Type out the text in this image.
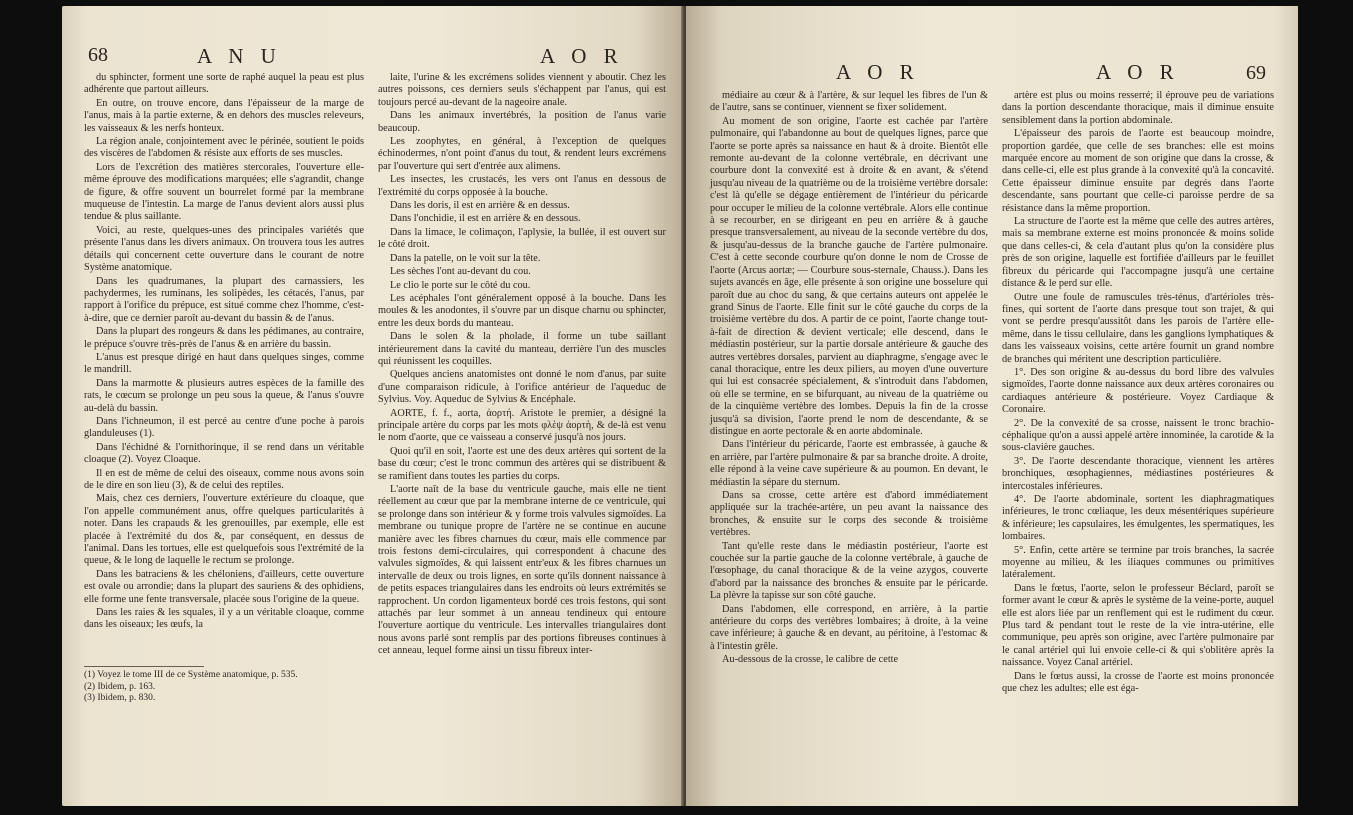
68	A N U	A O R

du sphincter, forment une sorte de raphé auquel la peau est plus adhérente que partout ailleurs.

En outre, on trouve encore, dans l'épaisseur de la marge de l'anus, mais à la partie externe, & en dehors des muscles releveurs, les vaisseaux & les nerfs honteux.

La région anale, conjointement avec le périnée, soutient le poids des viscères de l'abdomen & résiste aux efforts de ses muscles.

Lors de l'excrétion des matières stercorales, l'ouverture elle-même éprouve des modifications marquées; elle s'agrandit, change de figure, & offre souvent un bourrelet formé par la membrane muqueuse de l'intestin. La marge de l'anus devient alors aussi plus tendue & plus saillante.

Voici, au reste, quelques-unes des principales variétés que présente l'anus dans les divers animaux. On trouvera tous les autres détails qui concernent cette ouverture dans le courant de notre Système anatomique.

Dans les quadrumanes, la plupart des carnassiers, les pachydermes, les ruminans, les solipèdes, les cétacés, l'anus, par rapport à l'orifice du prépuce, est situé comme chez l'homme, c'est-à-dire, que ce dernier paroît au-devant du bassin & de l'anus.

Dans la plupart des rongeurs & dans les pédimanes, au contraire, le prépuce s'ouvre très-près de l'anus & en arrière du bassin.

L'anus est presque dirigé en haut dans quelques singes, comme le mandrill.

Dans la marmotte & plusieurs autres espèces de la famille des rats, le cœcum se prolonge un peu sous la queue, & l'anus s'ouvre au-delà du bassin.

Dans l'ichneumon, il est percé au centre d'une poche à parois glanduleuses (1).

Dans l'échidné & l'ornithorinque, il se rend dans un véritable cloaque (2). Voyez Cloaque.

Il en est de même de celui des oiseaux, comme nous avons soin de le dire en son lieu (3), & de celui des reptiles.

Mais, chez ces derniers, l'ouverture extérieure du cloaque, que l'on appelle communément anus, offre quelques particularités à noter. Dans les crapauds & les grenouilles, par exemple, elle est placée à l'extrémité du dos &, par conséquent, en dessus de l'animal. Dans les tortues, elle est quelquefois sous l'extrémité de la queue, & le long de laquelle le rectum se prolonge.

Dans les batraciens & les chéloniens, d'ailleurs, cette ouverture est ovale ou arrondie; dans la plupart des sauriens & des ophidiens, elle forme une fente transversale, placée sous l'origine de la queue.

Dans les raies & les squales, il y a un véritable cloaque, comme dans les oiseaux; les œufs, la

(1) Voyez le tome III de ce Système anatomique, p. 535.

(2) Ibidem, p. 163.

(3) Ibidem, p. 830.

laite, l'urine & les excrémens solides viennent y aboutir. Chez les autres poissons, ces derniers seuls s'échappent par l'anus, qui est toujours percé au-devant de la nageoire anale.

Dans les animaux invertébrés, la position de l'anus varie beaucoup.

Les zoophytes, en général, à l'exception de quelques échinodermes, n'ont point d'anus du tout, & rendent leurs excrémens par l'ouverture qui sert d'entrée aux alimens.

Les insectes, les crustacés, les vers ont l'anus en dessous de l'extrémité du corps opposée à la bouche.

Dans les doris, il est en arrière & en dessus.

Dans l'onchidie, il est en arrière & en dessous.

Dans la limace, le colimaçon, l'aplysie, la bullée, il est ouvert sur le côté droit.

Dans la patelle, on le voit sur la tête.

Les sèches l'ont au-devant du cou.

Le clio le porte sur le côté du cou.

Les acéphales l'ont généralement opposé à la bouche. Dans les moules & les anodontes, il s'ouvre par un disque charnu ou sphincter, entre les deux bords du manteau.

Dans le solen & la pholade, il forme un tube saillant intérieurement dans la cavité du manteau, derrière l'un des muscles qui réunissent les coquilles.

Quelques anciens anatomistes ont donné le nom d'anus, par suite d'une comparaison ridicule, à l'orifice antérieur de l'aqueduc de Sylvius. Voy. Aqueduc de Sylvius & Encéphale.

AORTE, f. f., aorta, ἀορτή. Aristote le premier, a désigné la principale artère du corps par les mots φλὲψ ἀορτὴ, & de-là est venu le nom d'aorte, que ce vaisseau a conservé jusqu'à nos jours.

Quoi qu'il en soit, l'aorte est une des deux artères qui sortent de la base du cœur; c'est le tronc commun des artères qui se distribuent & se ramifient dans toutes les parties du corps.

L'aorte naît de la base du ventricule gauche, mais elle ne tient réellement au cœur que par la membrane interne de ce ventricule, qui se prolonge dans son intérieur & y forme trois valvules sigmoïdes. La membrane ou tunique propre de l'artère ne se continue en aucune manière avec les fibres charnues du cœur, mais elle commence par trois festons demi-circulaires, qui correspondent à chacune des valvules sigmoïdes, & qui laissent entr'eux & les fibres charnues un intervalle de deux ou trois lignes, en sorte qu'ils donnent naissance à de petits espaces triangulaires dans les endroits où leurs extrémités se rapprochent. Un cordon ligamenteux bordé ces trois festons, qui sont attachés par leur sommet à un anneau tendineux qui entoure l'ouverture aortique du ventricule. Les intervalles triangulaires dont nous avons parlé sont remplis par des portions fibreuses continues à cet anneau, lequel forme ainsi un tissu fibreux inter-

A O R	A O R	69

médiaire au cœur & à l'artère, & sur lequel les fibres de l'un & de l'autre, sans se continuer, viennent se fixer solidement.

Au moment de son origine, l'aorte est cachée par l'artère pulmonaire, qui l'abandonne au bout de quelques lignes, parce que l'aorte se porte après sa naissance en haut & à droite. Bientôt elle remonte au-devant de la colonne vertébrale, en décrivant une courbure dont la convexité est à droite & en avant, & s'étend jusqu'au niveau de la quatrième ou de la troisième vertèbre dorsale: c'est là qu'elle se dégage entièrement de l'intérieur du péricarde pour occuper le milieu de la colonne vertébrale. Alors elle continue à se recourber, en se dirigeant en peu en arrière & à gauche presque transversalement, au niveau de la seconde vertèbre du dos, & jusqu'au-dessus de la branche gauche de l'artère pulmonaire. C'est à cette seconde courbure qu'on donne le nom de Crosse de l'aorte (Arcus aortæ; — Courbure sous-sternale, Chauss.). Dans les sujets avancés en âge, elle présente à son origine une bosselure qui paroît due au choc du sang, & que certains auteurs ont appelée le grand Sinus de l'aorte. Elle finit sur le côté gauche du corps de la troisième vertèbre du dos. A partir de ce point, l'aorte change tout-à-fait de direction & devient verticale; elle descend, dans le médiastin postérieur, sur la partie dorsale antérieure & gauche des autres vertèbres dorsales, parvient au diaphragme, s'engage avec le canal thoracique, entre les deux piliers, au moyen d'une ouverture qui lui est consacrée spécialement, & s'introduit dans l'abdomen, où elle se termine, en se bifurquant, au niveau de la quatrième ou de la cinquième vertèbre des lombes. Depuis la fin de la crosse jusqu'à sa division, l'aorte prend le nom de descendante, & se distingue en aorte pectorale & en aorte abdominale.

Dans l'intérieur du péricarde, l'aorte est embrassée, à gauche & en arrière, par l'artère pulmonaire & par sa branche droite. A droite, elle répond à la veine cave supérieure & au poumon. En devant, le médiastin la sépare du sternum.

Dans sa crosse, cette artère est d'abord immédiatement appliquée sur la trachée-artère, un peu avant la naissance des bronches, & ensuite sur le corps des seconde & troisième vertèbres.

Tant qu'elle reste dans le médiastin postérieur, l'aorte est couchée sur la partie gauche de la colonne vertébrale, à gauche de l'œsophage, du canal thoracique & de la veine azygos, couverte d'abord par la naissance des bronches & ensuite par le péricarde. La plèvre la tapisse sur son côté gauche.

Dans l'abdomen, elle correspond, en arrière, à la partie antérieure du corps des vertèbres lombaires; à droite, à la veine cave inférieure; à gauche & en devant, au péritoine, à l'estomac & à l'intestin grêle.

Au-dessous de la crosse, le calibre de cette

artère est plus ou moins resserré; il éprouve peu de variations dans la portion descendante thoracique, mais il diminue ensuite sensiblement dans la portion abdominale.

L'épaisseur des parois de l'aorte est beaucoup moindre, proportion gardée, que celle de ses branches: elle est moins marquée encore au moment de son origine que dans la crosse, & dans celle-ci, elle est plus grande à la convexité qu'à la concavité. Cette épaisseur diminue ensuite par degrés dans l'aorte descendante, sans pourtant que celle-ci paroisse perdre de sa résistance dans la même proportion.

La structure de l'aorte est la même que celle des autres artères, mais sa membrane externe est moins prononcée & moins solide que dans celles-ci, & cela d'autant plus qu'on la considère plus près de son origine, laquelle est fortifiée d'ailleurs par le feuillet fibreux du péricarde qui l'accompagne jusqu'à une certaine distance & le perd sur elle.

Outre une foule de ramuscules très-ténus, d'artérioles très-fines, qui sortent de l'aorte dans presque tout son trajet, & qui vont se perdre presqu'aussitôt dans les parois de l'artère elle-même, dans le tissu cellulaire, dans les ganglions lymphatiques & dans les vaisseaux voisins, cette artère fournit un grand nombre de branches qui méritent une description particulière.

1°. Des son origine & au-dessus du bord libre des valvules sigmoïdes, l'aorte donne naissance aux deux artères coronaires ou cardiaques antérieure & postérieure. Voyez Cardiaque & Coronaire.

2°. De la convexité de sa crosse, naissent le tronc brachio-céphalique qu'on a aussi appelé artère innominée, la carotide & la sous-clavière gauches.

3°. De l'aorte descendante thoracique, viennent les artères bronchiques, œsophagiennes, médiastines postérieures & intercostales inférieures.

4°. De l'aorte abdominale, sortent les diaphragmatiques inférieures, le tronc cœliaque, les deux mésentériques supérieure & inférieure; les capsulaires, les émulgentes, les spermatiques, les lombaires.

5°. Enfin, cette artère se termine par trois branches, la sacrée moyenne au milieu, & les iliaques communes ou primitives latéralement.

Dans le fœtus, l'aorte, selon le professeur Béclard, paroît se former avant le cœur & après le système de la veine-porte, auquel elle est alors liée par un renflement qui est le rudiment du cœur. Plus tard & pendant tout le reste de la vie intra-utérine, elle communique, peu après son origine, avec l'artère pulmonaire par le canal artériel qui lui envoie celle-ci & qui s'oblitère après la naissance. Voyez Canal artériel.

Dans le fœtus aussi, la crosse de l'aorte est moins prononcée que chez les adultes; elle est éga-
